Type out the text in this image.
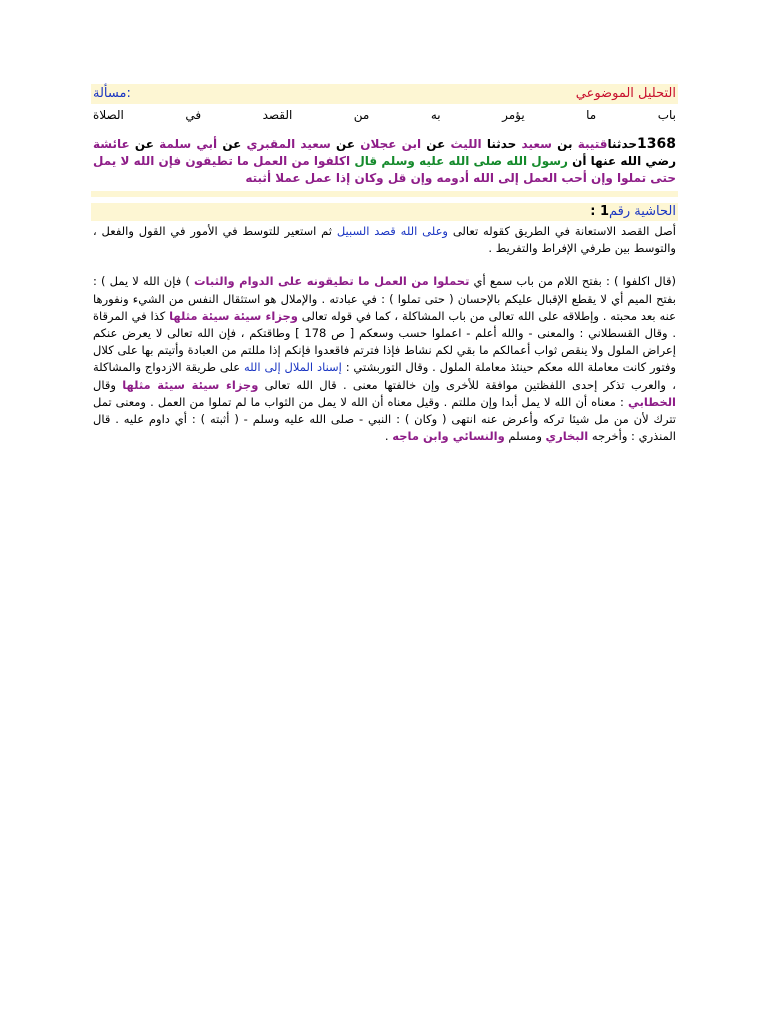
التحليل الموضوعي
مسألة:
باب
ما
يؤمر
به
من
القصد
في
الصلاة
1368حدثناقتيبة بن سعيد حدثنا الليث عن ابن عجلان عن سعيد المقبري عن أبي سلمة عن عائشة رضي الله عنها أن رسول الله صلى الله عليه وسلم قال اكلفوا من العمل ما تطيقون فإن الله لا يمل حتى تملوا وإن أحب العمل إلى الله أدومه وإن قل وكان إذا عمل عملا أثبته
الحاشية رقم1 :
أصل القصد الاستعانة في الطريق كقوله تعالى وعلى الله قصد السبيل ثم استعير للتوسط في الأمور في القول والفعل ، والتوسط بين طرفي الإفراط والتفريط .
(قال اكلفوا ) : بفتح اللام من باب سمع أي تحملوا من العمل ما تطيقونه على الدوام والثبات ) فإن الله لا يمل ) : بفتح الميم أي لا يقطع الإقبال عليكم بالإحسان ( حتى تملوا ) : في عبادته . والإملال هو استثقال النفس من الشيء ونفورها عنه بعد محبته . وإطلاقه على الله تعالى من باب المشاكلة ، كما في قوله تعالى وجزاء سيئة سيئة مثلها كذا في المرقاة . وقال القسطلاني : والمعنى - والله أعلم - اعملوا حسب وسعكم [ ص 178 ] وطاقتكم ، فإن الله تعالى لا يعرض عنكم إعراض الملول ولا ينقص ثواب أعمالكم ما بقي لكم نشاط فإذا فترتم فاقعدوا فإنكم إذا مللتم من العبادة وأتيتم بها على كلال وفتور كانت معاملة الله معكم حينئذ معاملة الملول . وقال التوربشتي : إسناد الملال إلى الله على طريقة الازدواج والمشاكلة ، والعرب تذكر إحدى اللفظتين موافقة للأخرى وإن خالفتها معنى . قال الله تعالى وجزاء سيئة سيئة مثلها وقال الخطابي : معناه أن الله لا يمل أبدا وإن مللتم . وقيل معناه أن الله لا يمل من الثواب ما لم تملوا من العمل . ومعنى تمل تترك لأن من مل شيئا تركه وأعرض عنه انتهى ( وكان ) : النبي - صلى الله عليه وسلم - ( أثبته ) : أي داوم عليه . قال المنذري : وأخرجه البخاري ومسلم والنسائي وابن ماجه .
